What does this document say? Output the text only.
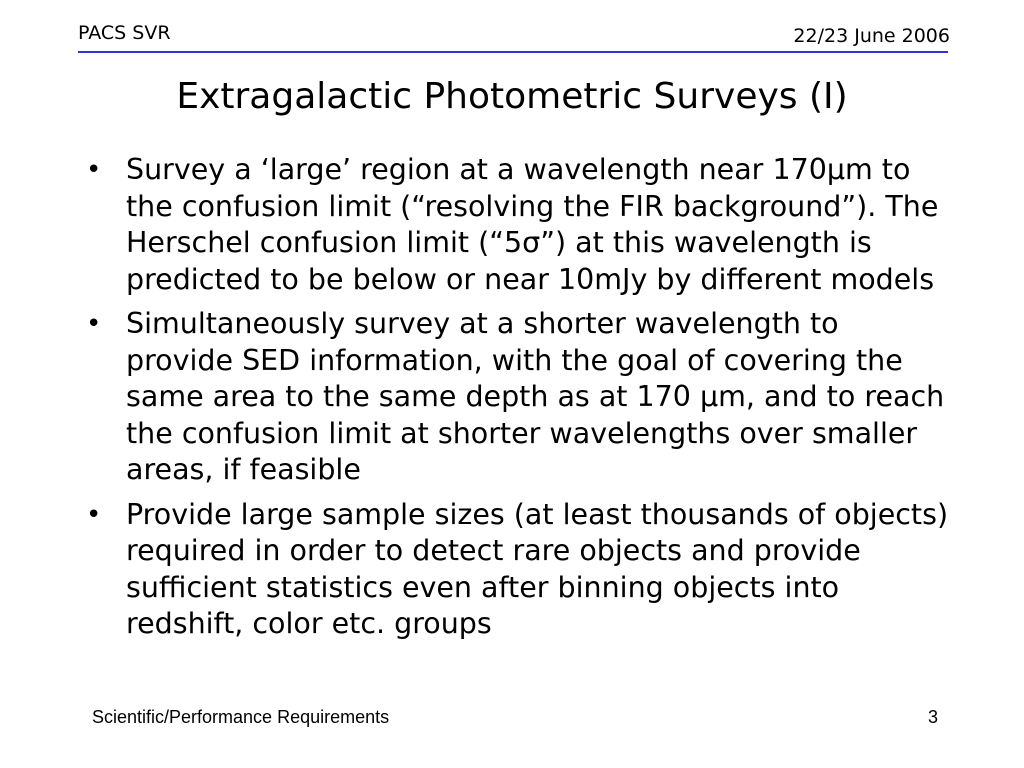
PACS SVR	22/23 June 2006
Extragalactic Photometric Surveys (I)
• Survey a ‘large’ region at a wavelength near 170μm to the confusion limit (“resolving the FIR background”). The Herschel confusion limit (“5σ”) at this wavelength is predicted to be below or near 10mJy by different models
• Simultaneously survey at a shorter wavelength to provide SED information, with the goal of covering the same area to the same depth as at 170 μm, and to reach the confusion limit at shorter wavelengths over smaller areas, if feasible
• Provide large sample sizes (at least thousands of objects) required in order to detect rare objects and provide sufficient statistics even after binning objects into redshift, color etc. groups
Scientific/Performance Requirements	3
